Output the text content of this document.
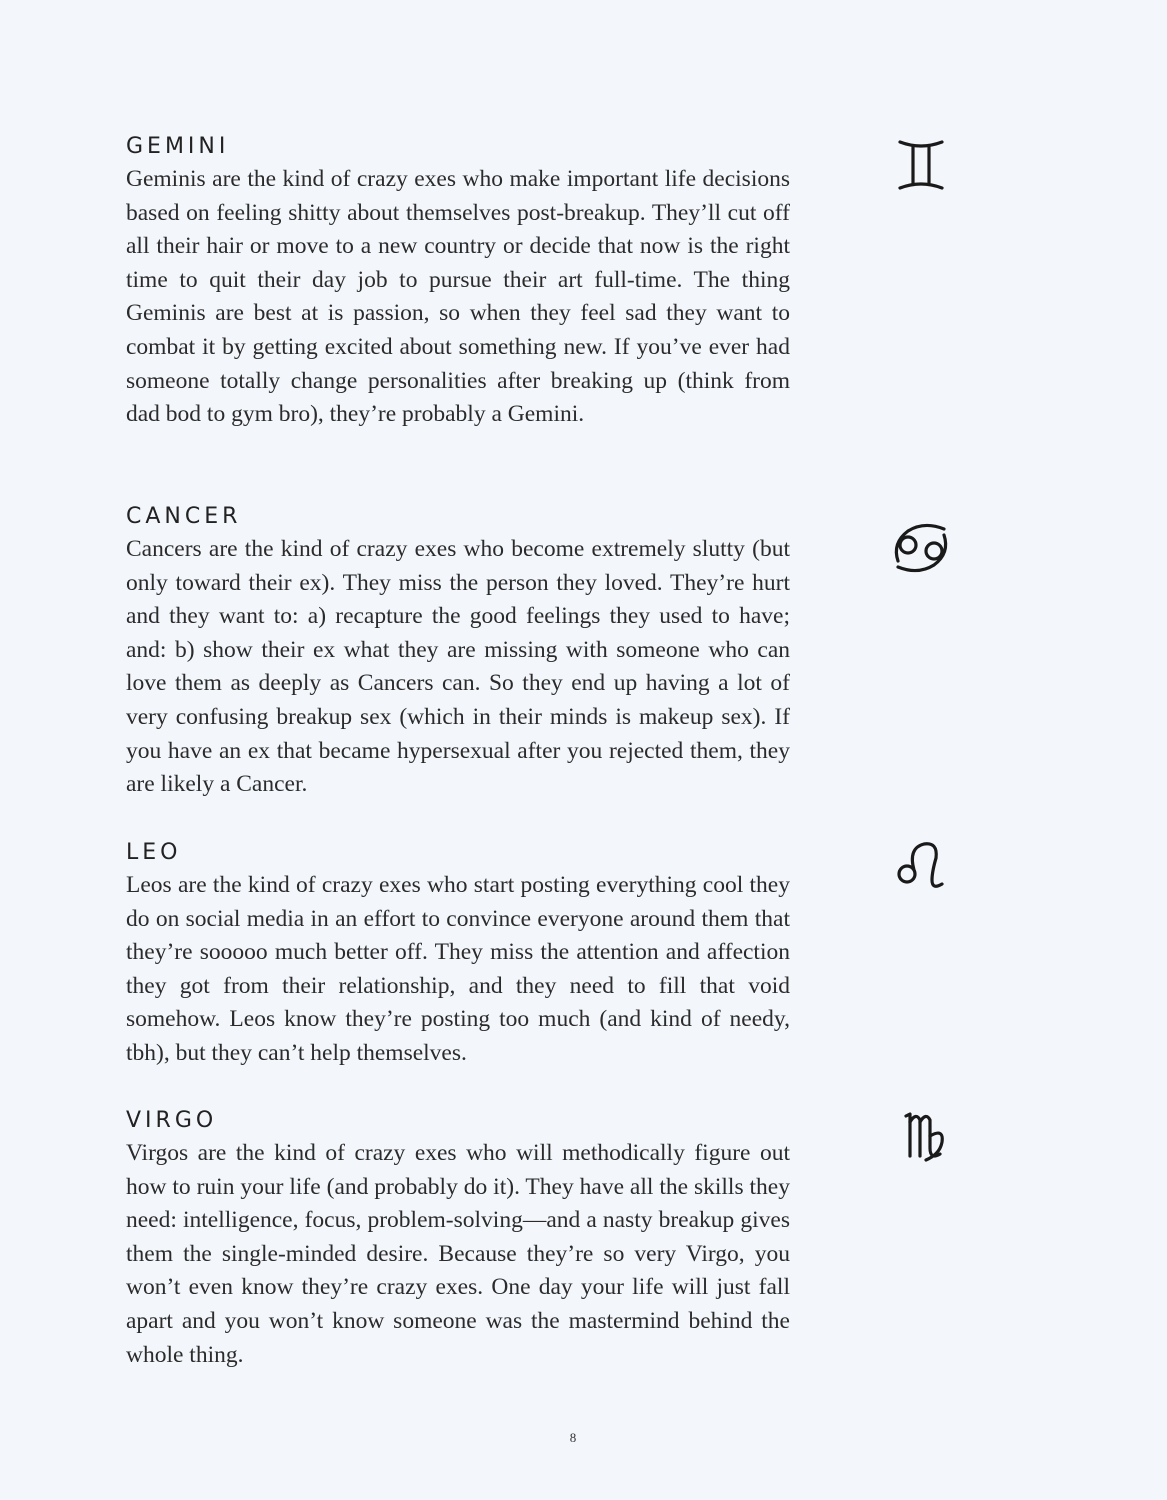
GEMINI

Geminis are the kind of crazy exes who make important life decisions based on feeling shitty about themselves post-breakup. They’ll cut off all their hair or move to a new country or decide that now is the right time to quit their day job to pursue their art full-time. The thing Geminis are best at is passion, so when they feel sad they want to combat it by getting excited about something new. If you’ve ever had someone totally change personalities after breaking up (think from dad bod to gym bro), they’re probably a Gemini.

CANCER

Cancers are the kind of crazy exes who become extremely slutty (but only toward their ex). They miss the person they loved. They’re hurt and they want to: a) recapture the good feelings they used to have; and: b) show their ex what they are missing with someone who can love them as deeply as Cancers can. So they end up having a lot of very confusing breakup sex (which in their minds is makeup sex). If you have an ex that became hypersexual after you rejected them, they are likely a Cancer.

LEO

Leos are the kind of crazy exes who start posting everything cool they do on social media in an effort to convince everyone around them that they’re sooooo much better off. They miss the attention and affection they got from their relationship, and they need to fill that void somehow. Leos know they’re posting too much (and kind of needy, tbh), but they can’t help themselves.

VIRGO

Virgos are the kind of crazy exes who will methodically figure out how to ruin your life (and probably do it). They have all the skills they need: intelligence, focus, problem-solving—and a nasty breakup gives them the single-minded desire. Because they’re so very Virgo, you won’t even know they’re crazy exes. One day your life will just fall apart and you won’t know someone was the mastermind behind the whole thing.

8
